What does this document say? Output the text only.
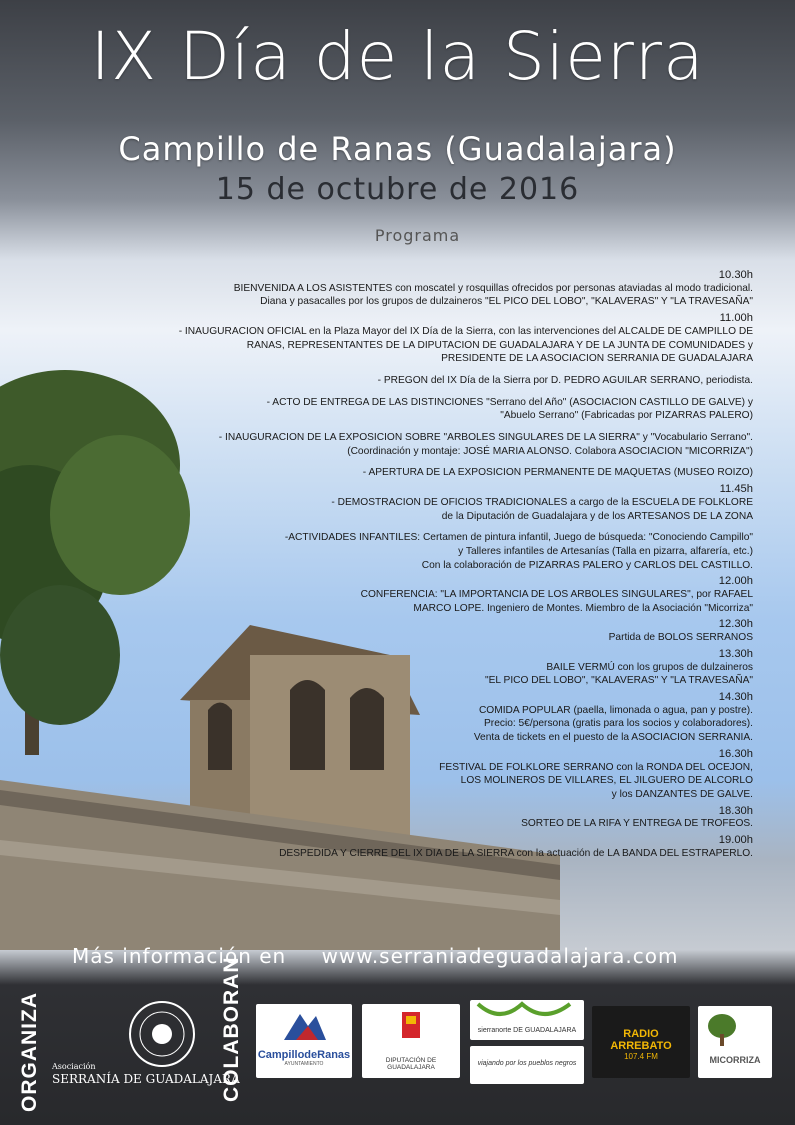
IX Día de la Sierra
Campillo de Ranas (Guadalajara)
15 de octubre de 2016
Programa
10.30h
BIENVENIDA A LOS ASISTENTES con moscatel y rosquillas ofrecidos por personas ataviadas al modo tradicional.
Diana y pasacalles por los grupos de dulzaineros "EL PICO DEL LOBO", "KALAVERAS" Y "LA TRAVESAÑA"
11.00h
- INAUGURACION OFICIAL en la Plaza Mayor del IX Día de la Sierra, con las intervenciones del ALCALDE DE CAMPILLO DE
RANAS, REPRESENTANTES DE LA DIPUTACION DE GUADALAJARA Y DE LA JUNTA DE COMUNIDADES y
PRESIDENTE DE LA ASOCIACION SERRANIA DE GUADALAJARA
- PREGON del IX Día de la Sierra por D. PEDRO AGUILAR SERRANO, periodista.
- ACTO DE ENTREGA DE LAS DISTINCIONES "Serrano del Año" (ASOCIACION CASTILLO DE GALVE) y
"Abuelo Serrano" (Fabricadas por PIZARRAS PALERO)
- INAUGURACION DE LA EXPOSICION SOBRE "ARBOLES SINGULARES DE LA SIERRA" y "Vocabulario Serrano".
(Coordinación y montaje: JOSÉ MARIA ALONSO. Colabora ASOCIACION "MICORRIZA")
- APERTURA DE LA EXPOSICION PERMANENTE DE MAQUETAS (MUSEO ROIZO)
11.45h
- DEMOSTRACION DE OFICIOS TRADICIONALES a cargo de la ESCUELA DE FOLKLORE
de la Diputación de Guadalajara y de los ARTESANOS DE LA ZONA
-ACTIVIDADES INFANTILES: Certamen de pintura infantil, Juego de búsqueda: "Conociendo Campillo"
y Talleres infantiles de Artesanías (Talla en pizarra, alfarería, etc.)
Con la colaboración de PIZARRAS PALERO y CARLOS DEL CASTILLO.
12.00h
CONFERENCIA: "LA IMPORTANCIA DE LOS ARBOLES SINGULARES", por RAFAEL
MARCO LOPE. Ingeniero de Montes. Miembro de la Asociación "Micorriza"
12.30h
Partida de BOLOS SERRANOS
13.30h
BAILE VERMÚ con los grupos de dulzaineros
"EL PICO DEL LOBO", "KALAVERAS" Y "LA TRAVESAÑA"
14.30h
COMIDA POPULAR (paella, limonada o agua, pan y postre).
Precio: 5€/persona (gratis para los socios y colaboradores).
Venta de tickets en el puesto de la ASOCIACION SERRANIA.
16.30h
FESTIVAL DE FOLKLORE SERRANO con la RONDA DEL OCEJON,
LOS MOLINEROS DE VILLARES, EL JILGUERO DE ALCORLO
y los DANZANTES DE GALVE.
18.30h
SORTEO DE LA RIFA Y ENTREGA DE TROFEOS.
19.00h
DESPEDIDA Y CIERRE DEL IX DIA DE LA SIERRA con la actuación de LA BANDA DEL ESTRAPERLO.
Más información en www.serraniadeguadalajara.com
ORGANIZA	COLABORAN
Asociación
SERRANÍA DE GUADALAJARA
CampillodeRanas
AYUNTAMIENTO	DIPUTACIÓN DE GUADALAJARA
sierranorte DE GUADALAJARA
viajando por los pueblos negros
RADIO ARREBATO
107.4 FM	MICORRIZA
